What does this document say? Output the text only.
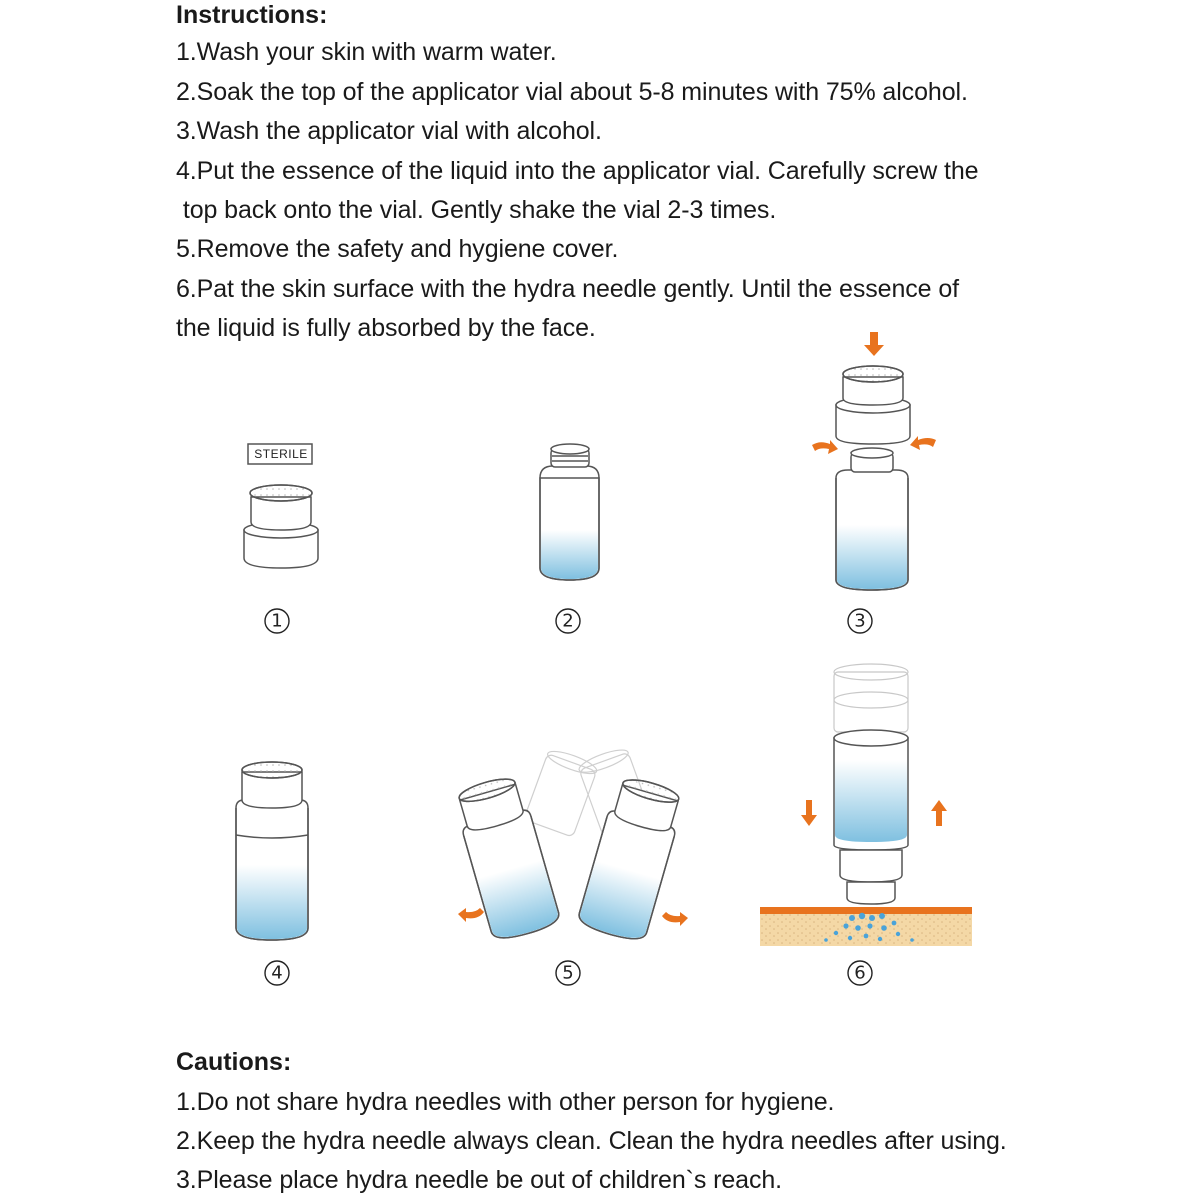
Instructions:

1.Wash your skin with warm water.

2.Soak the top of the applicator vial about 5-8 minutes with 75% alcohol.

3.Wash the applicator vial with alcohol.

4.Put the essence of the liquid into the applicator vial. Carefully screw the

top back onto the vial. Gently shake the vial 2-3 times.

5.Remove the safety and hygiene cover.

6.Pat the skin surface with the hydra needle gently. Until the essence of

the liquid is fully absorbed by the face.

STERILE
1	2	3
4	5	6
Cautions:

1.Do not share hydra needles with other person for hygiene.

2.Keep the hydra needle always clean. Clean the hydra needles after using.

3.Please place hydra needle be out of children`s reach.
